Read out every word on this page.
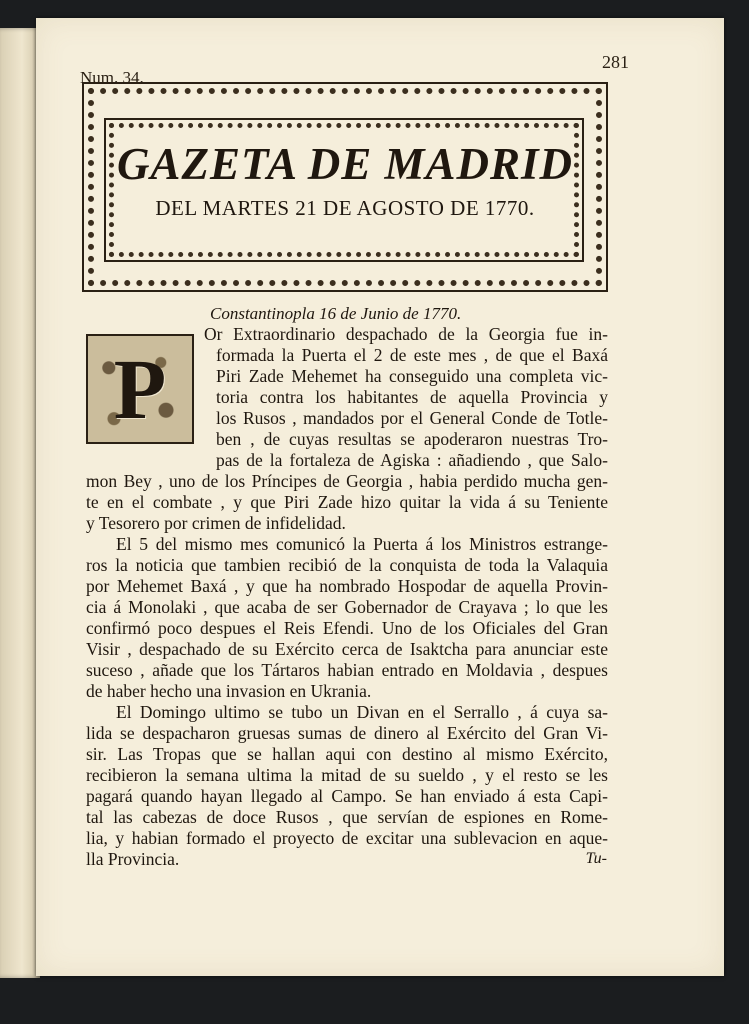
281
Num. 34.
GAZETA DE MADRID
DEL MARTES 21 DE AGOSTO DE 1770.
Constantinopla 16 de Junio de 1770.
P
Or Extraordinario despachado de la Georgia fue in-
formada la Puerta el 2 de este mes , de que el Baxá
Piri Zade Mehemet ha conseguido una completa vic-
toria contra los habitantes de aquella Provincia y
los Rusos , mandados por el General Conde de Totle-
ben , de cuyas resultas se apoderaron nuestras Tro-
pas de la fortaleza de Agiska : añadiendo , que Salo-
mon Bey , uno de los Príncipes de Georgia , habia perdido mucha gen-
te en el combate , y que Piri Zade hizo quitar la vida á su Teniente
y Tesorero por crimen de infidelidad.
El 5 del mismo mes comunicó la Puerta á los Ministros estrange-
ros la noticia que tambien recibió de la conquista de toda la Valaquia
por Mehemet Baxá , y que ha nombrado Hospodar de aquella Provin-
cia á Monolaki , que acaba de ser Gobernador de Crayava ; lo que les
confirmó poco despues el Reis Efendi. Uno de los Oficiales del Gran
Visir , despachado de su Exército cerca de Isaktcha para anunciar este
suceso , añade que los Tártaros habian entrado en Moldavia , despues
de haber hecho una invasion en Ukrania.
El Domingo ultimo se tubo un Divan en el Serrallo , á cuya sa-
lida se despacharon gruesas sumas de dinero al Exército del Gran Vi-
sir. Las Tropas que se hallan aqui con destino al mismo Exército,
recibieron la semana ultima la mitad de su sueldo , y el resto se les
pagará quando hayan llegado al Campo. Se han enviado á esta Capi-
tal las cabezas de doce Rusos , que servían de espiones en Rome-
lia, y habian formado el proyecto de excitar una sublevacion en aque-
lla Provincia.	Tu-
